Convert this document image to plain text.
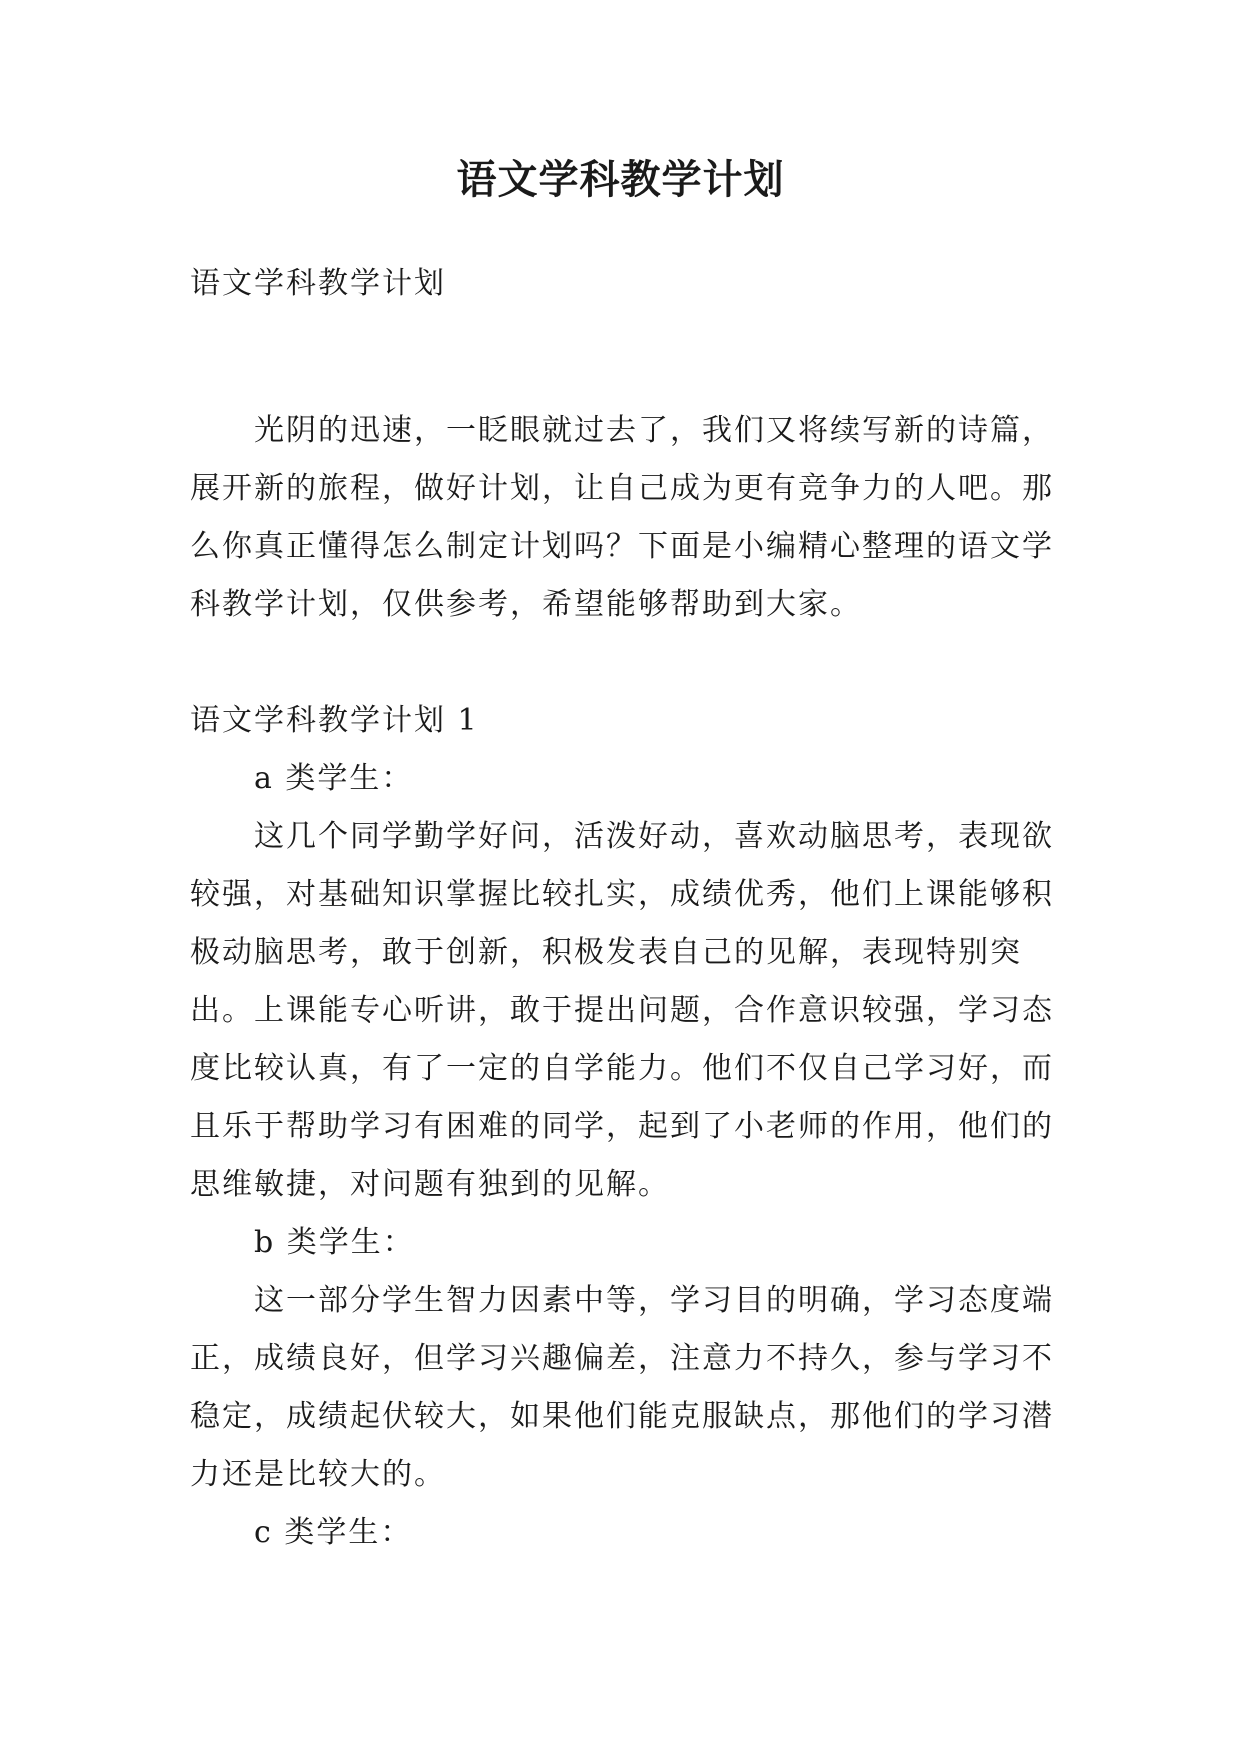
语文学科教学计划

语文学科教学计划

光阴的迅速，一眨眼就过去了，我们又将续写新的诗篇，展开新的旅程，做好计划，让自己成为更有竞争力的人吧。那么你真正懂得怎么制定计划吗？下面是小编精心整理的语文学科教学计划，仅供参考，希望能够帮助到大家。

语文学科教学计划 1

a 类学生：

这几个同学勤学好问，活泼好动，喜欢动脑思考，表现欲较强，对基础知识掌握比较扎实，成绩优秀，他们上课能够积极动脑思考，敢于创新，积极发表自己的见解，表现特别突出。上课能专心听讲，敢于提出问题，合作意识较强，学习态度比较认真，有了一定的自学能力。他们不仅自己学习好，而且乐于帮助学习有困难的同学，起到了小老师的作用，他们的思维敏捷，对问题有独到的见解。

b 类学生：

这一部分学生智力因素中等，学习目的明确，学习态度端正，成绩良好，但学习兴趣偏差，注意力不持久，参与学习不稳定，成绩起伏较大，如果他们能克服缺点，那他们的学习潜力还是比较大的。

c 类学生：
